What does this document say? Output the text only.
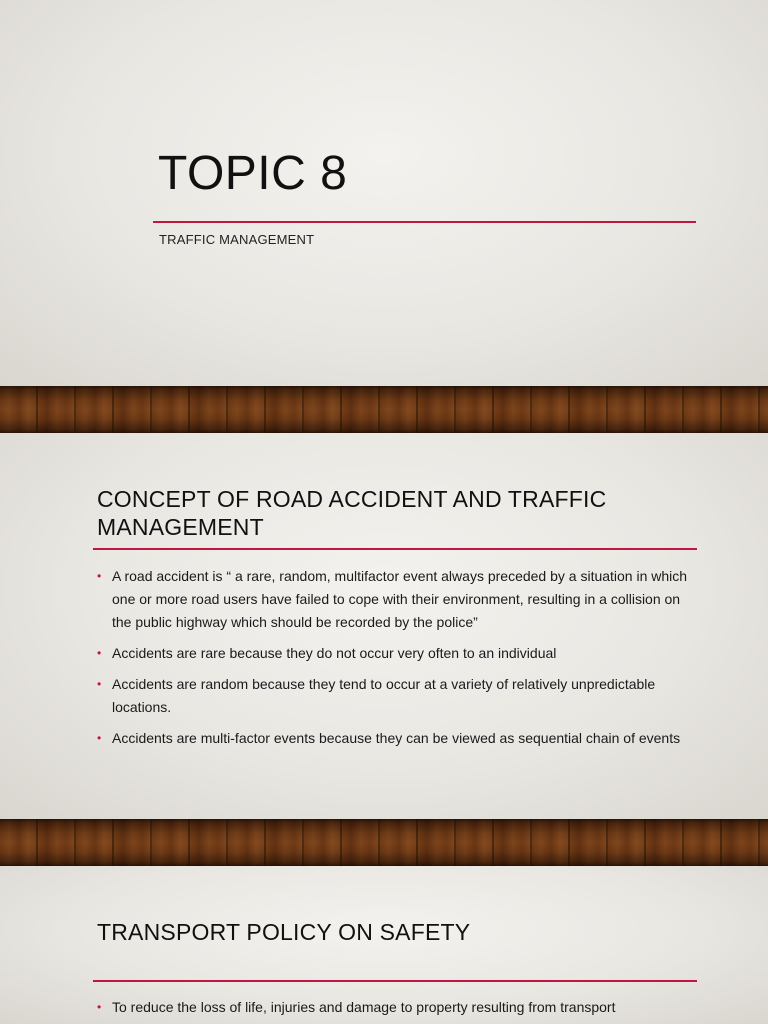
TOPIC 8
TRAFFIC MANAGEMENT
CONCEPT OF ROAD ACCIDENT AND TRAFFIC MANAGEMENT
• A road accident is “ a rare, random, multifactor event always preceded by a situation in which one or more road users have failed to cope with their environment, resulting in a collision on the public highway which should be recorded by the police”
• Accidents are rare because they do not occur very often to an individual
• Accidents are random because they tend to occur at a variety of relatively unpredictable locations.
• Accidents are multi-factor events because they can be viewed as sequential chain of events
TRANSPORT POLICY ON SAFETY
• To reduce the loss of life, injuries and damage to property resulting from transport
